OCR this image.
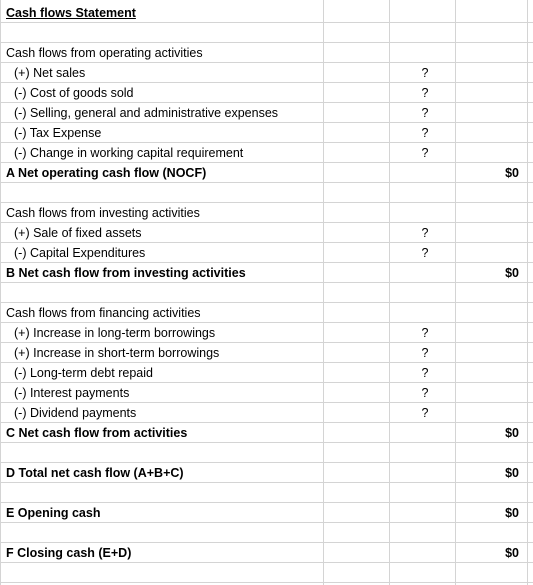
Cash flows Statement
Cash flows from operating activities
(+) Net sales	?
(-) Cost of goods sold	?
(-) Selling, general and administrative expenses	?
(-) Tax Expense	?
(-) Change in working capital requirement	?
A Net operating cash flow (NOCF)	$0
Cash flows from investing activities
(+) Sale of fixed assets	?
(-) Capital Expenditures	?
B Net cash flow from investing activities	$0
Cash flows from financing activities
(+) Increase in long-term borrowings	?
(+) Increase in short-term borrowings	?
(-) Long-term debt repaid	?
(-) Interest payments	?
(-) Dividend payments	?
C Net cash flow from activities	$0
D Total net cash flow (A+B+C)	$0
E Opening cash	$0
F Closing cash (E+D)	$0
